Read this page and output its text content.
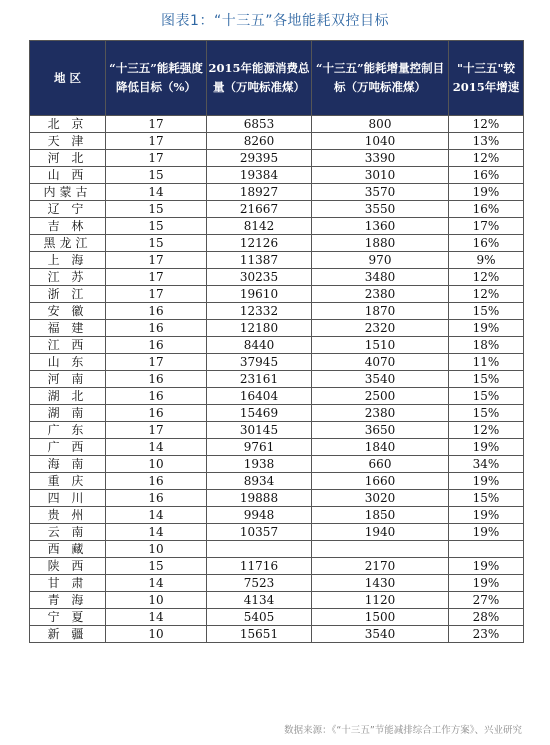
图表1：“十三五”各地能耗双控目标
地 区	“十三五”能耗强度降低目标（%）	2015年能源消费总量（万吨标准煤）	“十三五”能耗增量控制目标（万吨标准煤）	"十三五"较2015年增速
北 京	17	6853	800	12%
天 津	17	8260	1040	13%
河 北	17	29395	3390	12%
山 西	15	19384	3010	16%
内蒙古	14	18927	3570	19%
辽 宁	15	21667	3550	16%
吉 林	15	8142	1360	17%
黑龙江	15	12126	1880	16%
上 海	17	11387	970	9%
江 苏	17	30235	3480	12%
浙 江	17	19610	2380	12%
安 徽	16	12332	1870	15%
福 建	16	12180	2320	19%
江 西	16	8440	1510	18%
山 东	17	37945	4070	11%
河 南	16	23161	3540	15%
湖 北	16	16404	2500	15%
湖 南	16	15469	2380	15%
广 东	17	30145	3650	12%
广 西	14	9761	1840	19%
海 南	10	1938	660	34%
重 庆	16	8934	1660	19%
四 川	16	19888	3020	15%
贵 州	14	9948	1850	19%
云 南	14	10357	1940	19%
西 藏	10			
陕 西	15	11716	2170	19%
甘 肃	14	7523	1430	19%
青 海	10	4134	1120	27%
宁 夏	14	5405	1500	28%
新 疆	10	15651	3540	23%
数据来源：《“十三五”节能减排综合工作方案》、兴业研究
